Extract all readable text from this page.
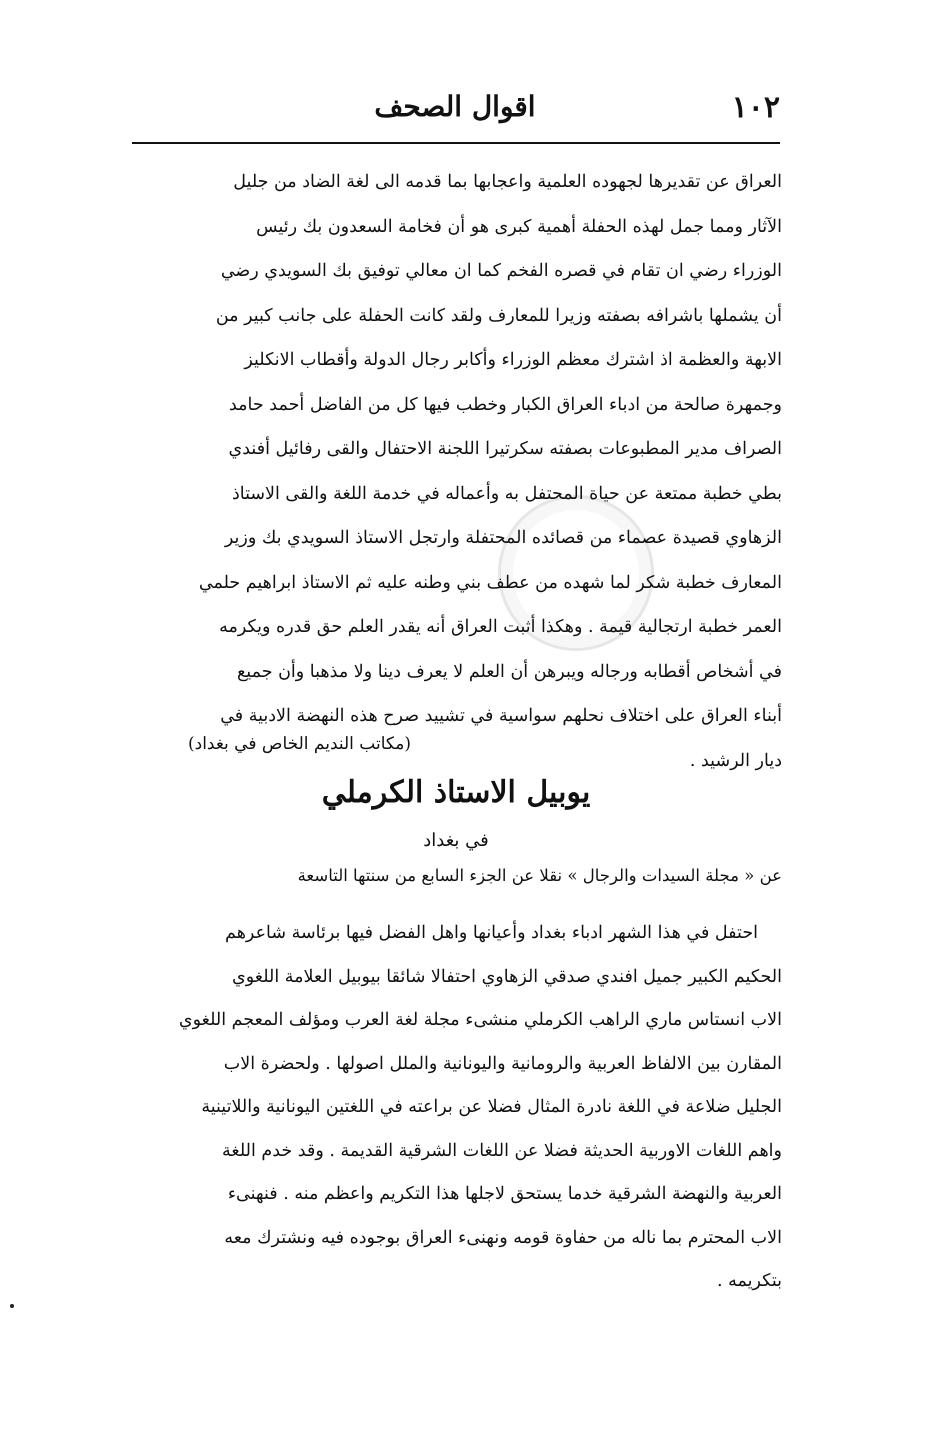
١٠٢
اقوال الصحف

العراق عن تقديرها لجهوده العلمية واعجابها بما قدمه الى لغة الضاد من جليل

الآثار ومما جمل لهذه الحفلة أهمية كبرى هو أن فخامة السعدون بك رئيس

الوزراء رضي ان تقام في قصره الفخم كما ان معالي توفيق بك السويدي رضي

أن يشملها باشرافه بصفته وزيرا للمعارف ولقد كانت الحفلة على جانب كبير من

الابهة والعظمة اذ اشترك معظم الوزراء وأكابر رجال الدولة وأقطاب الانكليز

وجمهرة صالحة من ادباء العراق الكبار وخطب فيها كل من الفاضل أحمد حامد

الصراف مدير المطبوعات بصفته سكرتيرا اللجنة الاحتفال والقى رفائيل أفندي

بطي خطبة ممتعة عن حياة المحتفل به وأعماله في خدمة اللغة والقى الاستاذ

الزهاوي قصيدة عصماء من قصائده المحتفلة وارتجل الاستاذ السويدي بك وزير

المعارف خطبة شكر لما شهده من عطف بني وطنه عليه ثم الاستاذ ابراهيم حلمي

العمر خطبة ارتجالية قيمة . وهكذا أثبت العراق أنه يقدر العلم حق قدره ويكرمه

في أشخاص أقطابه ورجاله ويبرهن أن العلم لا يعرف دينا ولا مذهبا وأن جميع

أبناء العراق على اختلاف نحلهم سواسية في تشييد صرح هذه النهضة الادبية في

ديار الرشيد .

(مكاتب النديم الخاص في بغداد)
يوبيل الاستاذ الكرملي
في بغداد
عن « مجلة السيدات والرجال » نقلا عن الجزء السابع من سنتها التاسعة

احتفل في هذا الشهر ادباء بغداد وأعيانها واهل الفضل فيها برئاسة شاعرهم

الحكيم الكبير جميل افندي صدقي الزهاوي احتفالا شائقا بيوبيل العلامة اللغوي

الاب انستاس ماري الراهب الكرملي منشىء مجلة لغة العرب ومؤلف المعجم اللغوي

المقارن بين الالفاظ العربية والرومانية واليونانية والملل اصولها . ولحضرة الاب

الجليل ضلاعة في اللغة نادرة المثال فضلا عن براعته في اللغتين اليونانية واللاتينية

واهم اللغات الاوربية الحديثة فضلا عن اللغات الشرقية القديمة . وقد خدم اللغة

العربية والنهضة الشرقية خدما يستحق لاجلها هذا التكريم واعظم منه . فنهنىء

الاب المحترم بما ناله من حفاوة قومه ونهنىء العراق بوجوده فيه ونشترك معه

بتكريمه .
